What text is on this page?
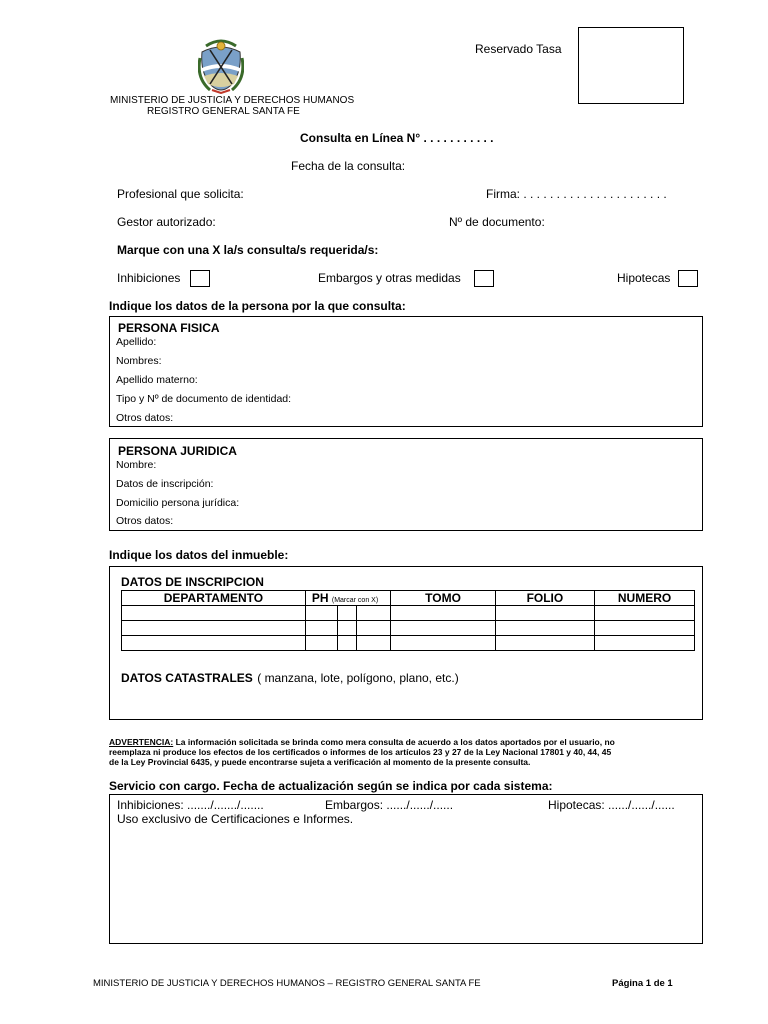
MINISTERIO DE JUSTICIA Y DERECHOS HUMANOS
REGISTRO GENERAL SANTA FE
Reservado Tasa
Consulta en Línea N° . . . . . . . . . . .
Fecha de la consulta:
Profesional que solicita:	Firma: . . . . . . . . . . . . . . . . . . . . . .
Gestor autorizado:	Nº de documento:
Marque con una X la/s consulta/s requerida/s:
Inhibiciones	Embargos y otras medidas	Hipotecas
Indique los datos de la persona por la que consulta:
PERSONA FISICA
Apellido:
Nombres:
Apellido materno:
Tipo y Nº de documento de identidad:
Otros datos:
PERSONA JURIDICA
Nombre:
Datos de inscripción:
Domicilio persona jurídica:
Otros datos:
Indique los datos del inmueble:
DATOS DE INSCRIPCION
DEPARTAMENTO	PH (Marcar con X)			TOMO	FOLIO	NUMERO

DATOS CATASTRALES ( manzana, lote, polígono, plano, etc.)
ADVERTENCIA: La información solicitada se brinda como mera consulta de acuerdo a los datos aportados por el usuario, no
reemplaza ni produce los efectos de los certificados o informes de los artículos 23 y 27 de la Ley Nacional 17801 y 40, 44, 45
de la Ley Provincial 6435, y puede encontrarse sujeta a verificación al momento de la presente consulta.
Servicio con cargo. Fecha de actualización según se indica por cada sistema:
Inhibiciones: ......./......./.......	Embargos: ....../....../......	Hipotecas: ....../....../......
Uso exclusivo de Certificaciones e Informes.
MINISTERIO DE JUSTICIA Y DERECHOS HUMANOS – REGISTRO GENERAL SANTA FE	Página 1 de 1
